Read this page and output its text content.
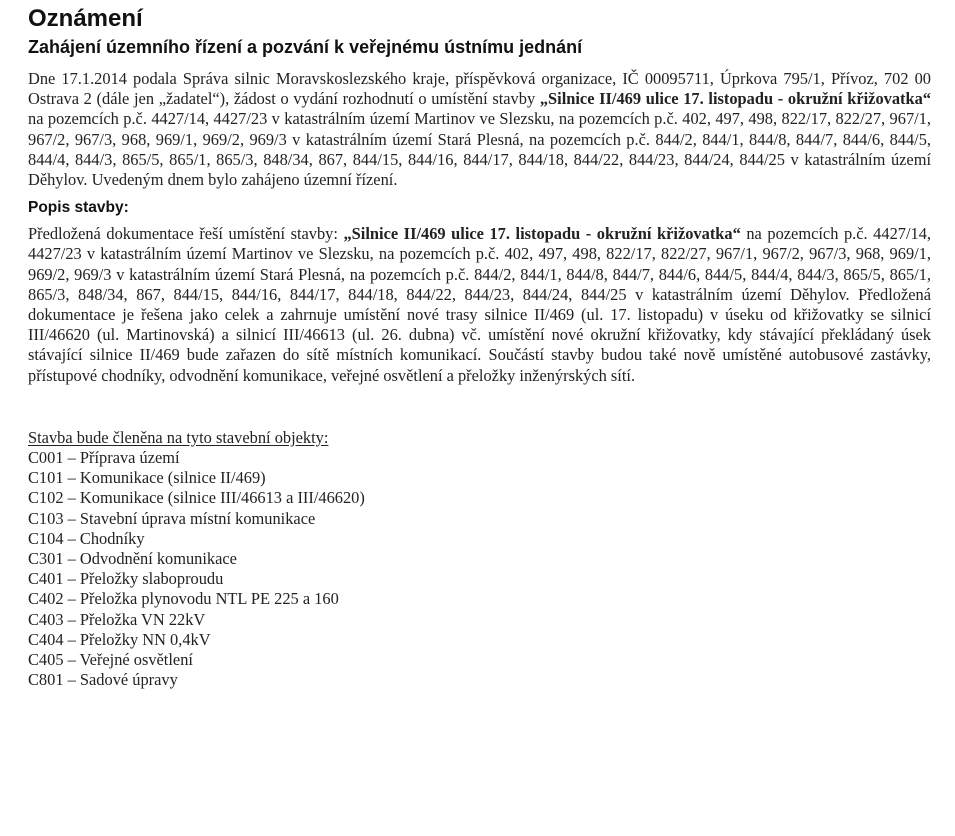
Oznámení
Zahájení územního řízení a pozvání k veřejnému ústnímu jednání

Dne 17.1.2014 podala Správa silnic Moravskoslezského kraje, příspěvková organizace, IČ 00095711, Úprkova 795/1, Přívoz, 702 00 Ostrava 2 (dále jen „žadatel“), žádost o vydání rozhodnutí o umístění stavby „Silnice II/469 ulice 17. listopadu - okružní křižovatka“ na pozemcích p.č. 4427/14, 4427/23 v katastrálním území Martinov ve Slezsku, na pozemcích p.č. 402, 497, 498, 822/17, 822/27, 967/1, 967/2, 967/3, 968, 969/1, 969/2, 969/3 v katastrálním území Stará Plesná, na pozemcích p.č. 844/2, 844/1, 844/8, 844/7, 844/6, 844/5, 844/4, 844/3, 865/5, 865/1, 865/3, 848/34, 867, 844/15, 844/16, 844/17, 844/18, 844/22, 844/23, 844/24, 844/25 v katastrálním území Děhylov. Uvedeným dnem bylo zahájeno územní řízení.

Popis stavby:

Předložená dokumentace řeší umístění stavby: „Silnice II/469 ulice 17. listopadu - okružní křižovatka“ na pozemcích p.č. 4427/14, 4427/23 v katastrálním území Martinov ve Slezsku, na pozemcích p.č. 402, 497, 498, 822/17, 822/27, 967/1, 967/2, 967/3, 968, 969/1, 969/2, 969/3 v katastrálním území Stará Plesná, na pozemcích p.č. 844/2, 844/1, 844/8, 844/7, 844/6, 844/5, 844/4, 844/3, 865/5, 865/1, 865/3, 848/34, 867, 844/15, 844/16, 844/17, 844/18, 844/22, 844/23, 844/24, 844/25 v katastrálním území Děhylov. Předložená dokumentace je řešena jako celek a zahrnuje umístění nové trasy silnice II/469 (ul. 17. listopadu) v úseku od křižovatky se silnicí III/46620 (ul. Martinovská) a silnicí III/46613 (ul. 26. dubna) vč. umístění nové okružní křižovatky, kdy stávající překládaný úsek stávající silnice II/469 bude zařazen do sítě místních komunikací. Součástí stavby budou také nově umístěné autobusové zastávky, přístupové chodníky, odvodnění komunikace, veřejné osvětlení a přeložky inženýrských sítí.

Stavba bude členěna na tyto stavební objekty:
C001 – Příprava území
C101 – Komunikace (silnice II/469)
C102 – Komunikace (silnice III/46613 a III/46620)
C103 – Stavební úprava místní komunikace
C104 – Chodníky
C301 – Odvodnění komunikace
C401 – Přeložky slaboproudu
C402 – Přeložka plynovodu NTL PE 225 a 160
C403 – Přeložka VN 22kV
C404 – Přeložky NN 0,4kV
C405 – Veřejné osvětlení
C801 – Sadové úpravy
